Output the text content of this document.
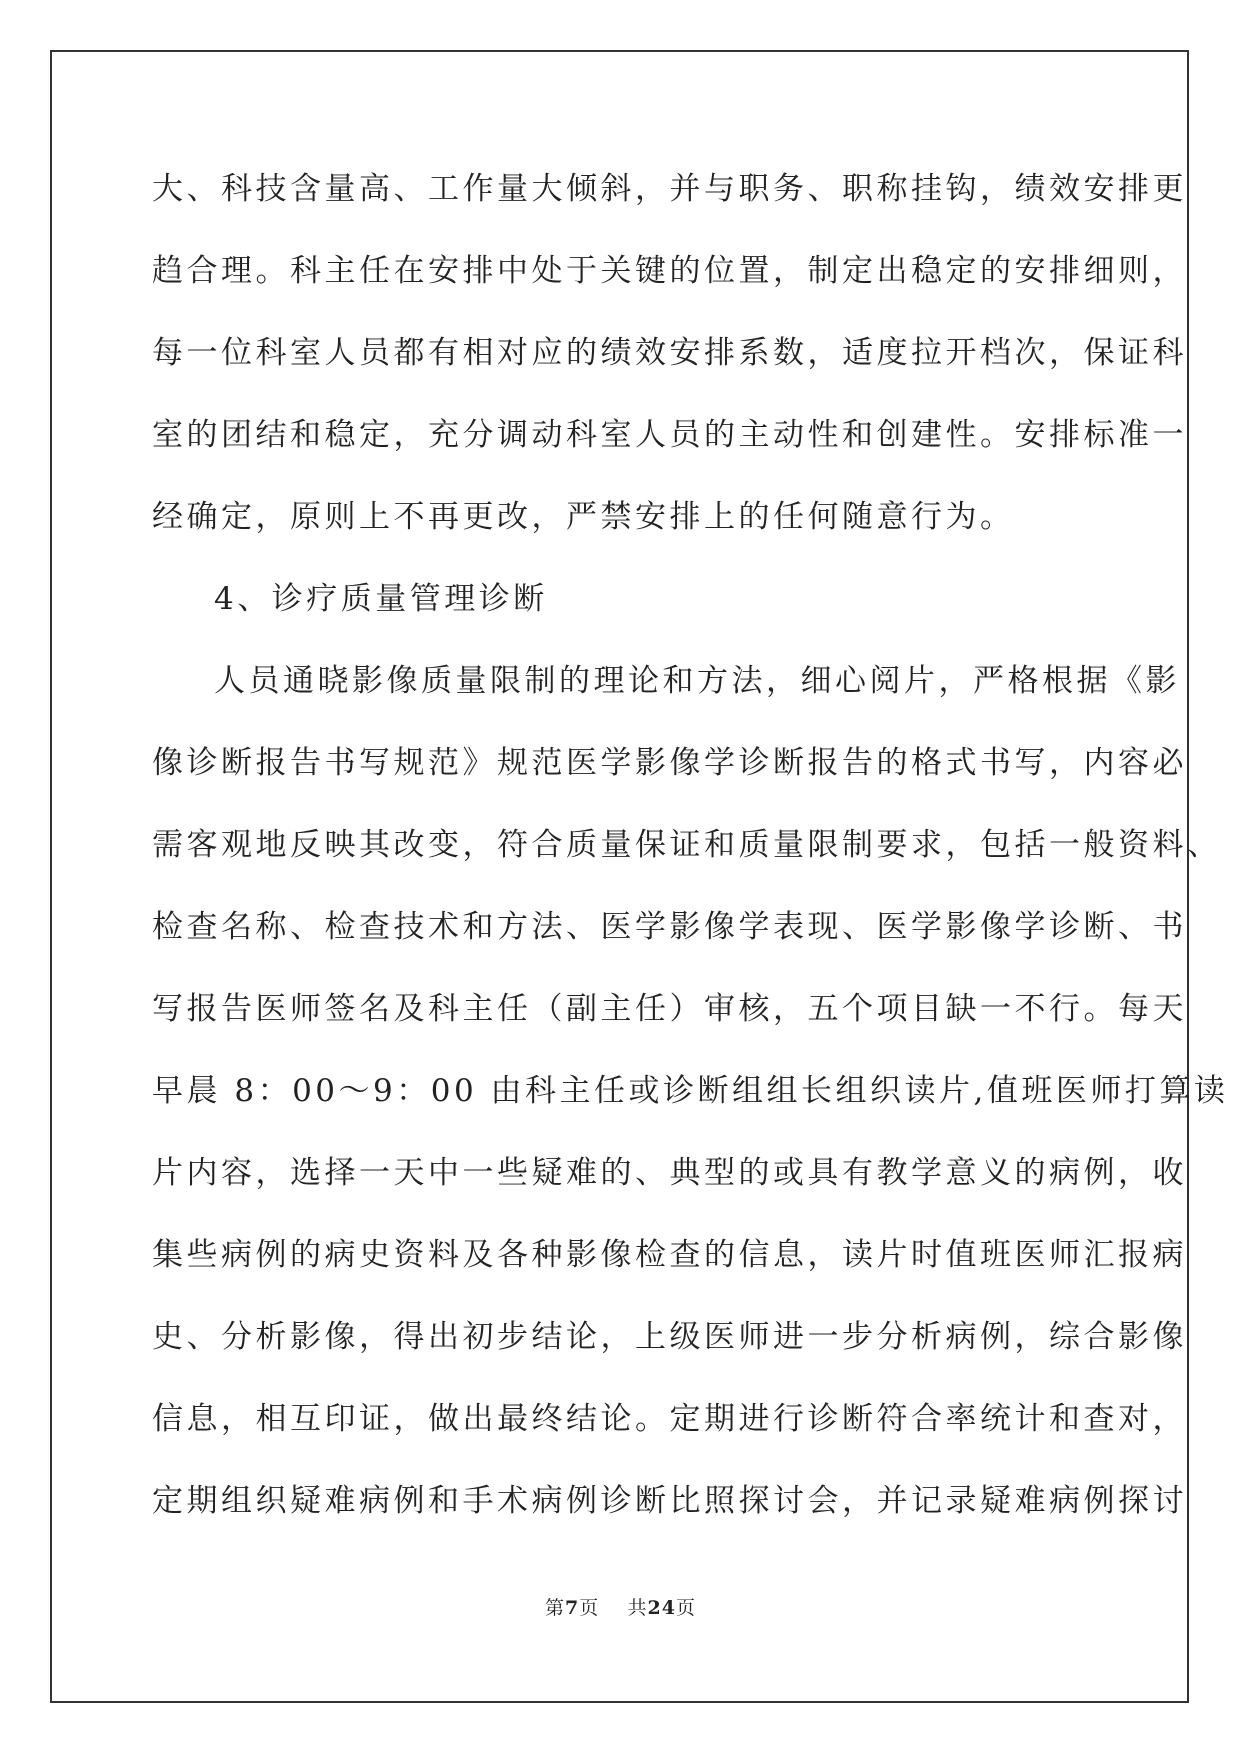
大、科技含量高、工作量大倾斜，并与职务、职称挂钩，绩效安排更
趋合理。科主任在安排中处于关键的位置，制定出稳定的安排细则，
每一位科室人员都有相对应的绩效安排系数，适度拉开档次，保证科
室的团结和稳定，充分调动科室人员的主动性和创建性。安排标准一
经确定，原则上不再更改，严禁安排上的任何随意行为。
4、诊疗质量管理诊断
人员通晓影像质量限制的理论和方法，细心阅片，严格根据《影
像诊断报告书写规范》规范医学影像学诊断报告的格式书写，内容必
需客观地反映其改变，符合质量保证和质量限制要求，包括一般资料、
检查名称、检查技术和方法、医学影像学表现、医学影像学诊断、书
写报告医师签名及科主任（副主任）审核，五个项目缺一不行。每天
早晨 8：00～9：00 由科主任或诊断组组长组织读片,值班医师打算读
片内容，选择一天中一些疑难的、典型的或具有教学意义的病例，收
集些病例的病史资料及各种影像检查的信息，读片时值班医师汇报病
史、分析影像，得出初步结论，上级医师进一步分析病例，综合影像
信息，相互印证，做出最终结论。定期进行诊断符合率统计和查对，
定期组织疑难病例和手术病例诊断比照探讨会，并记录疑难病例探讨
第7页 共24页
